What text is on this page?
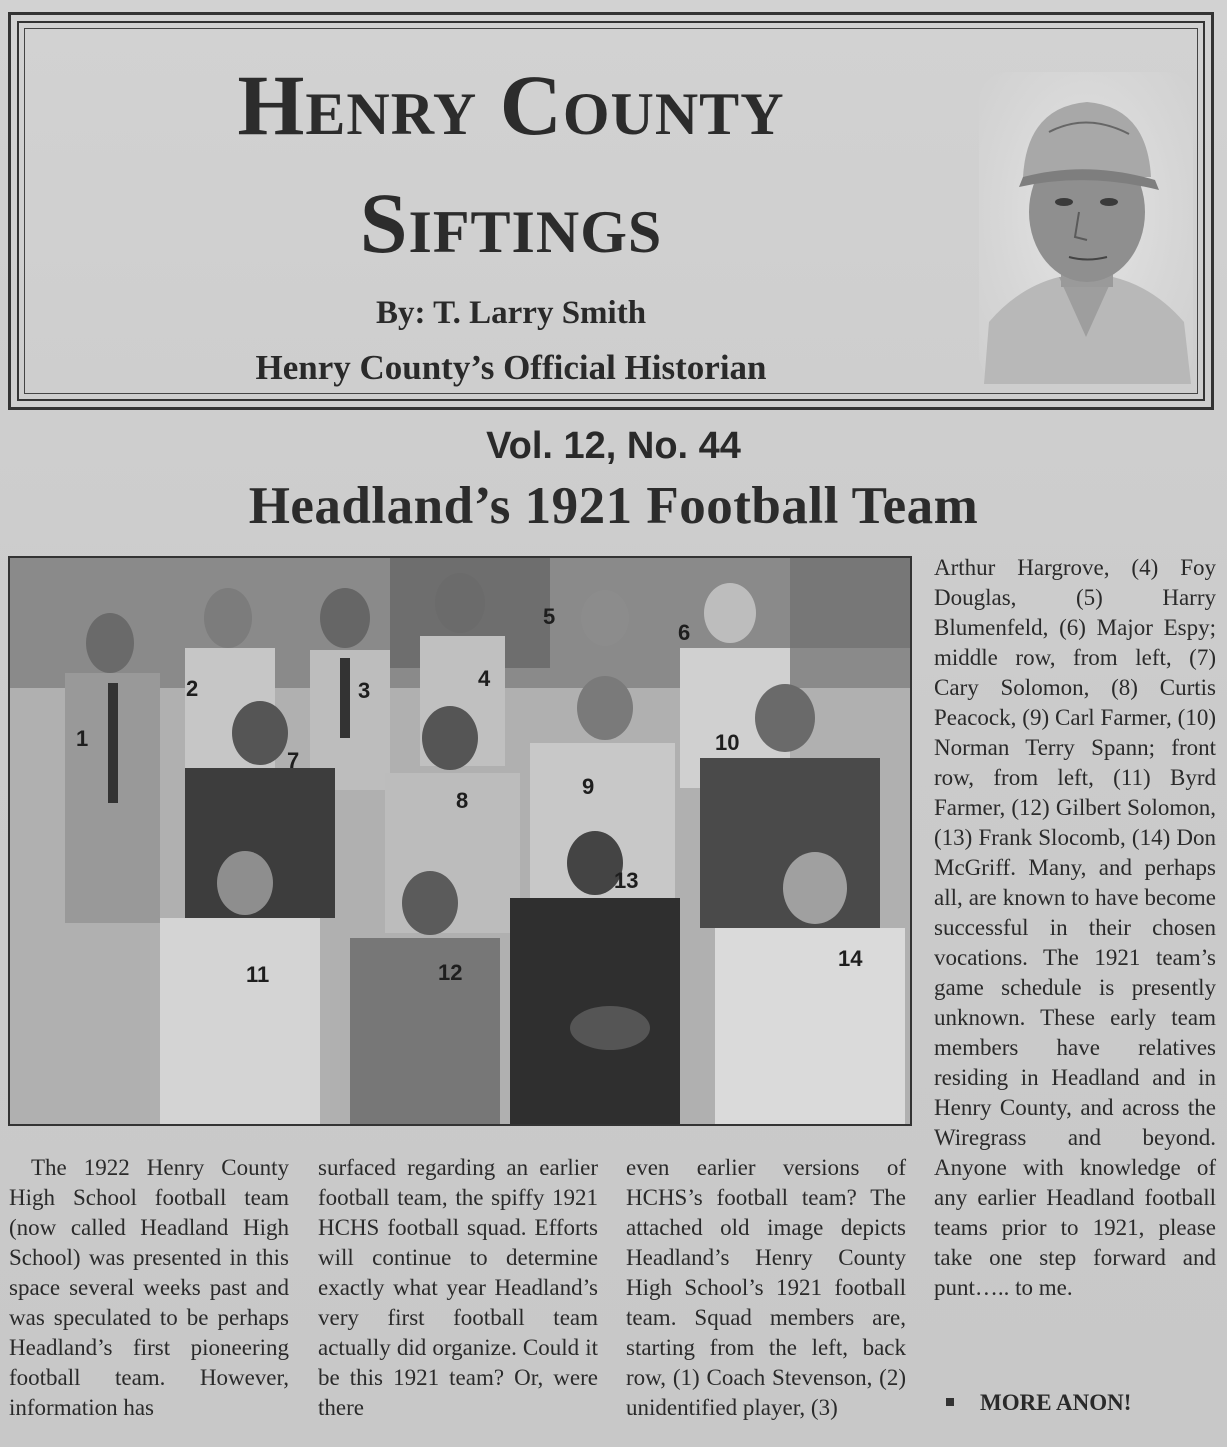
Henry County
Siftings
By: T. Larry Smith
Henry County’s Official Historian
Vol. 12, No. 44
Headland’s 1921 Football Team
1
2	3	4
5
6
7
8
9
10
11	12
13
14

The 1922 Henry County High School football team (now called Headland High School) was presented in this space several weeks past and was speculated to be perhaps Headland’s first pioneering football team. However, information has

surfaced regarding an earlier football team, the spiffy 1921 HCHS football squad. Efforts will continue to determine exactly what year Headland’s very first football team actually did organize. Could it be this 1921 team? Or, were there

even earlier versions of HCHS’s football team? The attached old image depicts Headland’s Henry County High School’s 1921 football team. Squad members are, starting from the left, back row, (1) Coach Stevenson, (2) unidentified player, (3)

Arthur Hargrove, (4) Foy Douglas, (5) Harry Blumenfeld, (6) Major Espy; middle row, from left, (7) Cary Solomon, (8) Curtis Peacock, (9) Carl Farmer, (10) Norman Terry Spann; front row, from left, (11) Byrd Farmer, (12) Gilbert Solomon, (13) Frank Slocomb, (14) Don McGriff. Many, and perhaps all, are known to have become successful in their chosen vocations. The 1921 team’s game schedule is presently unknown. These early team members have relatives residing in Headland and in Henry County, and across the Wiregrass and beyond. Anyone with knowledge of any earlier Headland football teams prior to 1921, please take one step forward and punt….. to me.

MORE ANON!
